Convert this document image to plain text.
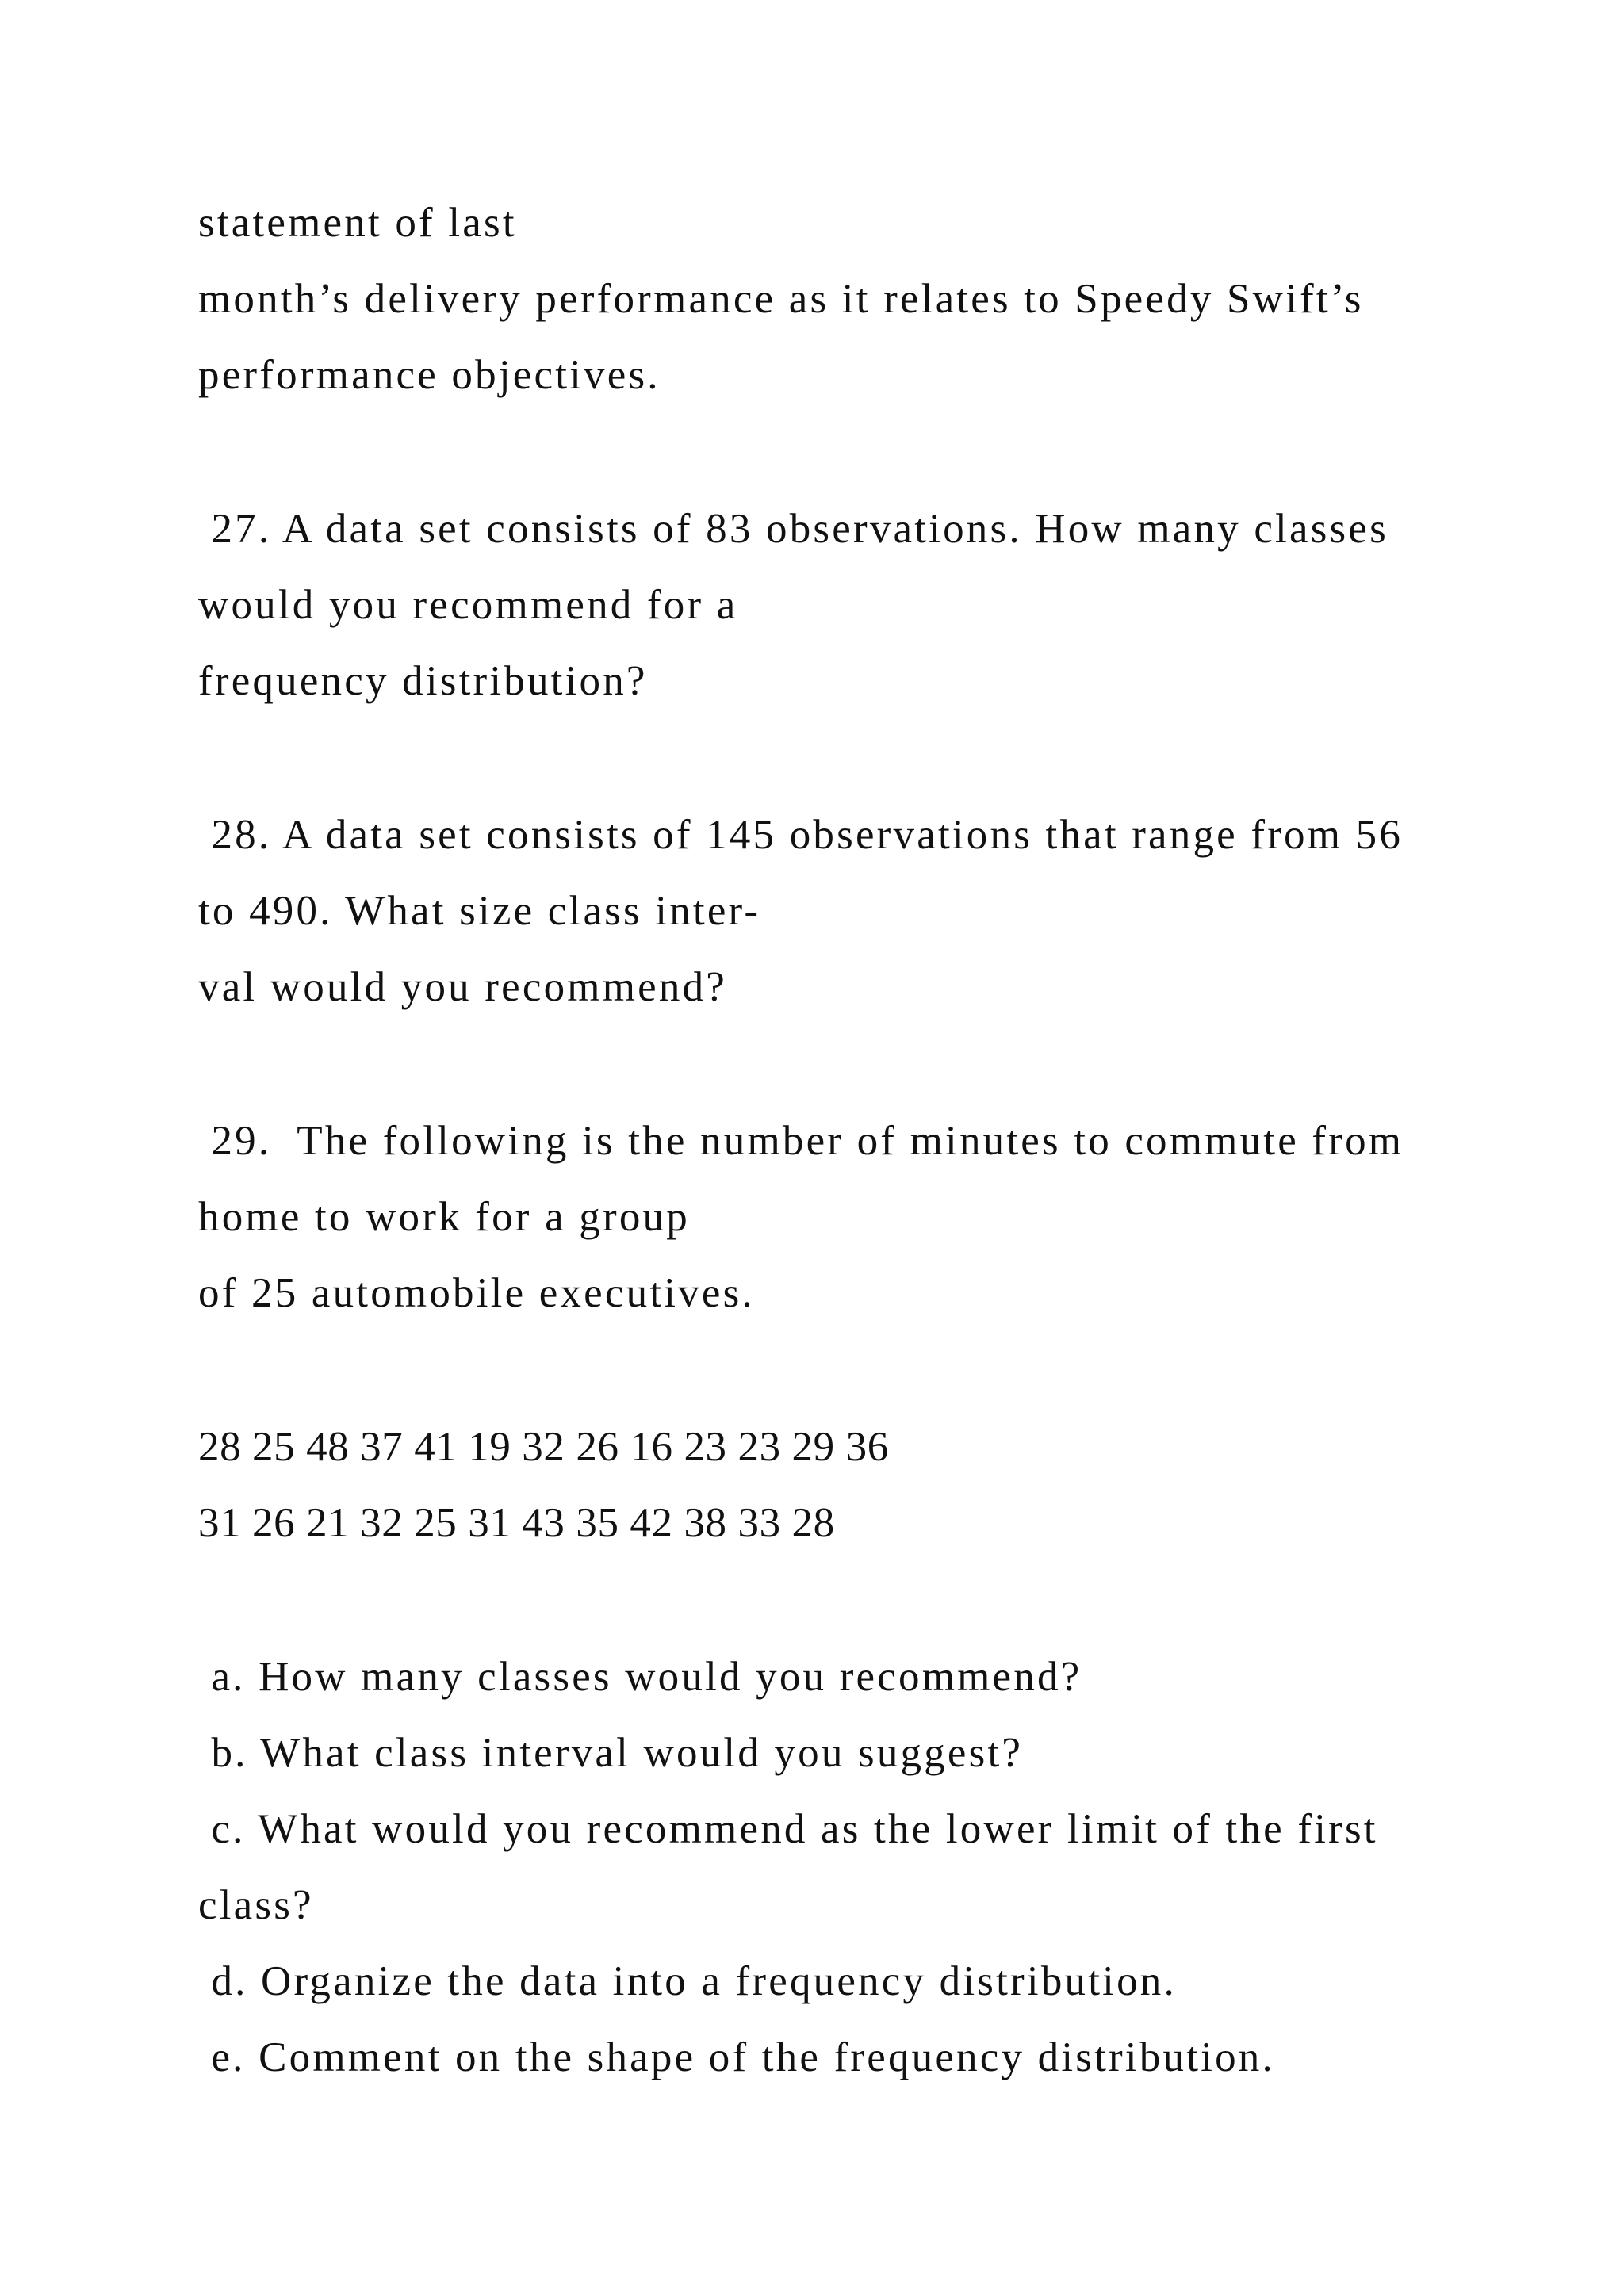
statement of last

month’s delivery performance as it relates to Speedy Swift’s

performance objectives.

27. A data set consists of 83 observations. How many classes

would you recommend for a

frequency distribution?

28. A data set consists of 145 observations that range from 56

to 490. What size class inter-

val would you recommend?

29.  The following is the number of minutes to commute from

home to work for a group

of 25 automobile executives.

28 25 48 37 41 19 32 26 16 23 23 29 36

31 26 21 32 25 31 43 35 42 38 33 28

a. How many classes would you recommend?

b. What class interval would you suggest?

c. What would you recommend as the lower limit of the first

class?

d. Organize the data into a frequency distribution.

e. Comment on the shape of the frequency distribution.
